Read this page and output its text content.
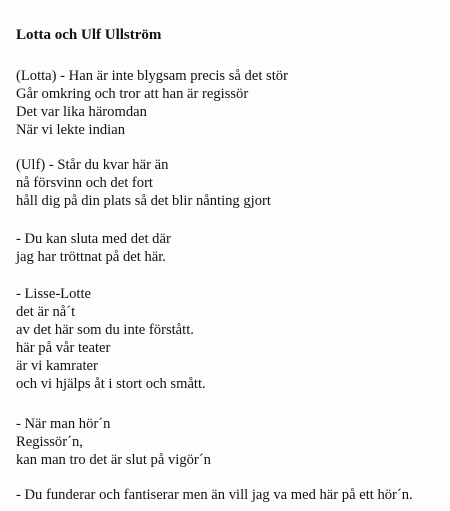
Lotta och Ulf Ullström
(Lotta) - Han är inte blygsam precis så det stör
Går omkring och tror att han är regissör
Det var lika häromdan
När vi lekte indian
(Ulf) - Står du kvar här än
nå försvinn och det fort
håll dig på din plats så det blir nånting gjort
- Du kan sluta med det där
jag har tröttnat på det här.
- Lisse-Lotte
det är nå´t
av det här som du inte förstått.
här på vår teater
är vi kamrater
och vi hjälps åt i stort och smått.
- När man hör´n
Regissör´n,
kan man tro det är slut på vigör´n
- Du funderar och fantiserar men än vill jag va med här på ett hör´n.
